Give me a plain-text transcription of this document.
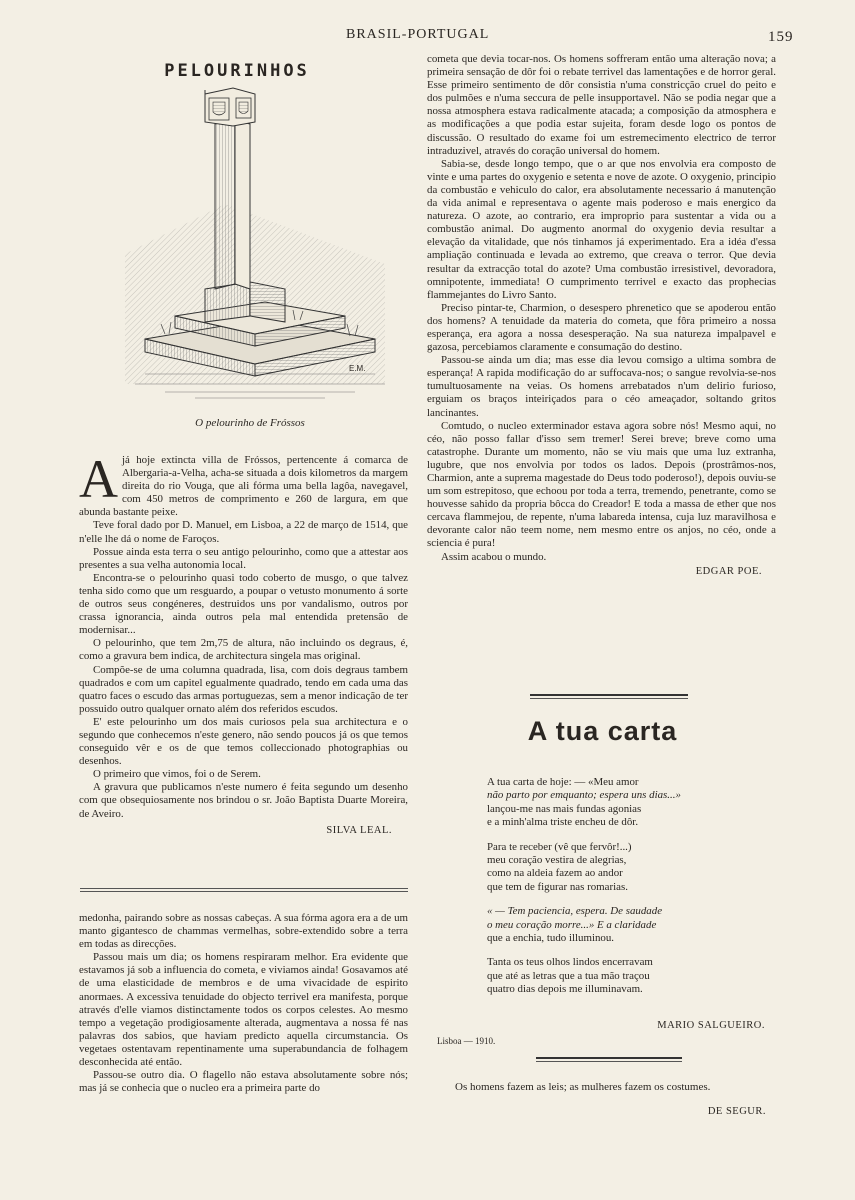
BRASIL-PORTUGAL	159
PELOURINHOS
E.M.
O pelourinho de Fróssos

Ajá hoje extincta villa de Fróssos, pertencente á comarca de Albergaria-a-Velha, acha-se situada a dois kilometros da margem direita do rio Vouga, que ali fórma uma bella lagôa, navegavel, com 450 metros de comprimento e 260 de largura, em que abunda bastante peixe.

Teve foral dado por D. Manuel, em Lisboa, a 22 de março de 1514, que n'elle lhe dá o nome de Faroços.

Possue ainda esta terra o seu antigo pelourinho, como que a attestar aos presentes a sua velha autonomia local.

Encontra-se o pelourinho quasi todo coberto de musgo, o que talvez tenha sido como que um resguardo, a poupar o vetusto monumento á sorte de outros seus congéneres, destruidos uns por vandalismo, outros por crassa ignorancia, ainda outros pela mal entendida pretensão de modernisar...

O pelourinho, que tem 2m,75 de altura, não incluindo os degraus, é, como a gravura bem indica, de architectura singela mas original.

Compõe-se de uma columna quadrada, lisa, com dois degraus tambem quadrados e com um capitel egualmente quadrado, tendo em cada uma das quatro faces o escudo das armas portuguezas, sem a menor indicação de ter possuido outro qualquer ornato além dos referidos escudos.

E' este pelourinho um dos mais curiosos pela sua architectura e o segundo que conhecemos n'este genero, não sendo poucos já os que temos conseguido vêr e os de que temos colleccionado photographias ou desenhos.

O primeiro que vimos, foi o de Serem.

A gravura que publicamos n'este numero é feita segundo um desenho com que obsequiosamente nos brindou o sr. João Baptista Duarte Moreira, de Aveiro.

SILVA LEAL.

medonha, pairando sobre as nossas cabeças. A sua fórma agora era a de um manto gigantesco de chammas vermelhas, sobre-extendido sobre a terra em todas as direcções.

Passou mais um dia; os homens respiraram melhor. Era evidente que estavamos já sob a influencia do cometa, e viviamos ainda! Gosavamos até de uma elasticidade de membros e de uma vivacidade de espirito anormaes. A excessiva tenuidade do objecto terrivel era manifesta, porque através d'elle viamos distinctamente todos os corpos celestes. Ao mesmo tempo a vegetação prodigiosamente alterada, augmentava a nossa fé nas palavras dos sabios, que haviam predicto aquella circumstancia. Os vegetaes ostentavam repentinamente uma superabundancia de folhagem desconhecida até então.

Passou-se outro dia. O flagello não estava absolutamente sobre nós; mas já se conhecia que o nucleo era a primeira parte do

cometa que devia tocar-nos. Os homens soffreram então uma alteração nova; a primeira sensação de dôr foi o rebate terrivel das lamentações e de horror geral. Esse primeiro sentimento de dôr consistia n'uma constricção cruel do peito e dos pulmões e n'uma seccura de pelle insupportavel. Não se podia negar que a nossa atmosphera estava radicalmente atacada; a composição da atmosphera e as modificações a que podia estar sujeita, foram desde logo os pontos de discussão. O resultado do exame foi um estremecimento electrico de terror intraduzivel, através do coração universal do homem.

Sabia-se, desde longo tempo, que o ar que nos envolvia era composto de vinte e uma partes do oxygenio e setenta e nove de azote. O oxygenio, principio da combustão e vehiculo do calor, era absolutamente necessario á manutenção da vida animal e representava o agente mais poderoso e mais energico da natureza. O azote, ao contrario, era improprio para sustentar a vida ou a combustão animal. Do augmento anormal do oxygenio devia resultar a elevação da vitalidade, que nós tinhamos já experimentado. Era a idéa d'essa ampliação continuada e levada ao extremo, que creava o terror. Que devia resultar da extracção total do azote? Uma combustão irresistivel, devoradora, omnipotente, immediata! O cumprimento terrivel e exacto das prophecias flammejantes do Livro Santo.

Preciso pintar-te, Charmion, o desespero phrenetico que se apoderou então dos homens? A tenuidade da materia do cometa, que fôra primeiro a nossa esperança, era agora a nossa desesperação. Na sua natureza impalpavel e gazosa, percebiamos claramente e consumação do destino.

Passou-se ainda um dia; mas esse dia levou comsigo a ultima sombra de esperança! A rapida modificação do ar suffocava-nos; o sangue revolvia-se-nos tumultuosamente na veias. Os homens arrebatados n'um delirio furioso, erguiam os braços inteiriçados para o céo ameaçador, soltando gritos lancinantes.

Comtudo, o nucleo exterminador estava agora sobre nós! Mesmo aqui, no céo, não posso fallar d'isso sem tremer! Serei breve; breve como uma catastrophe. Durante um momento, não se viu mais que uma luz extranha, lugubre, que nos envolvia por todos os lados. Depois (prostrâmos-nos, Charmion, ante a suprema magestade do Deus todo poderoso!), depois ouviu-se um som estrepitoso, que echoou por toda a terra, tremendo, penetrante, como se houvesse sahido da propria bôcca do Creador! E toda a massa de ether que nos cercava flammejou, de repente, n'uma labareda intensa, cuja luz maravilhosa e devorante calor não teem nome, nem mesmo entre os anjos, no céo, onde a sciencia é pura!

Assim acabou o mundo.

EDGAR POE.
A tua carta
A tua carta de hoje: — «Meu amor
não parto por emquanto; espera uns dias...»
lançou-me nas mais fundas agonias
e a minh'alma triste encheu de dôr.
Para te receber (vê que fervôr!...)
meu coração vestira de alegrias,
como na aldeia fazem ao andor
que tem de figurar nas romarias.
« — Tem paciencia, espera. De saudade
o meu coração morre...» E a claridade
que a enchia, tudo illuminou.
Tanta os teus olhos lindos encerravam
que até as letras que a tua mão traçou
quatro dias depois me illuminavam.
MARIO SALGUEIRO.
Lisboa — 1910.
Os homens fazem as leis; as mulheres fazem os costumes.
DE SEGUR.
